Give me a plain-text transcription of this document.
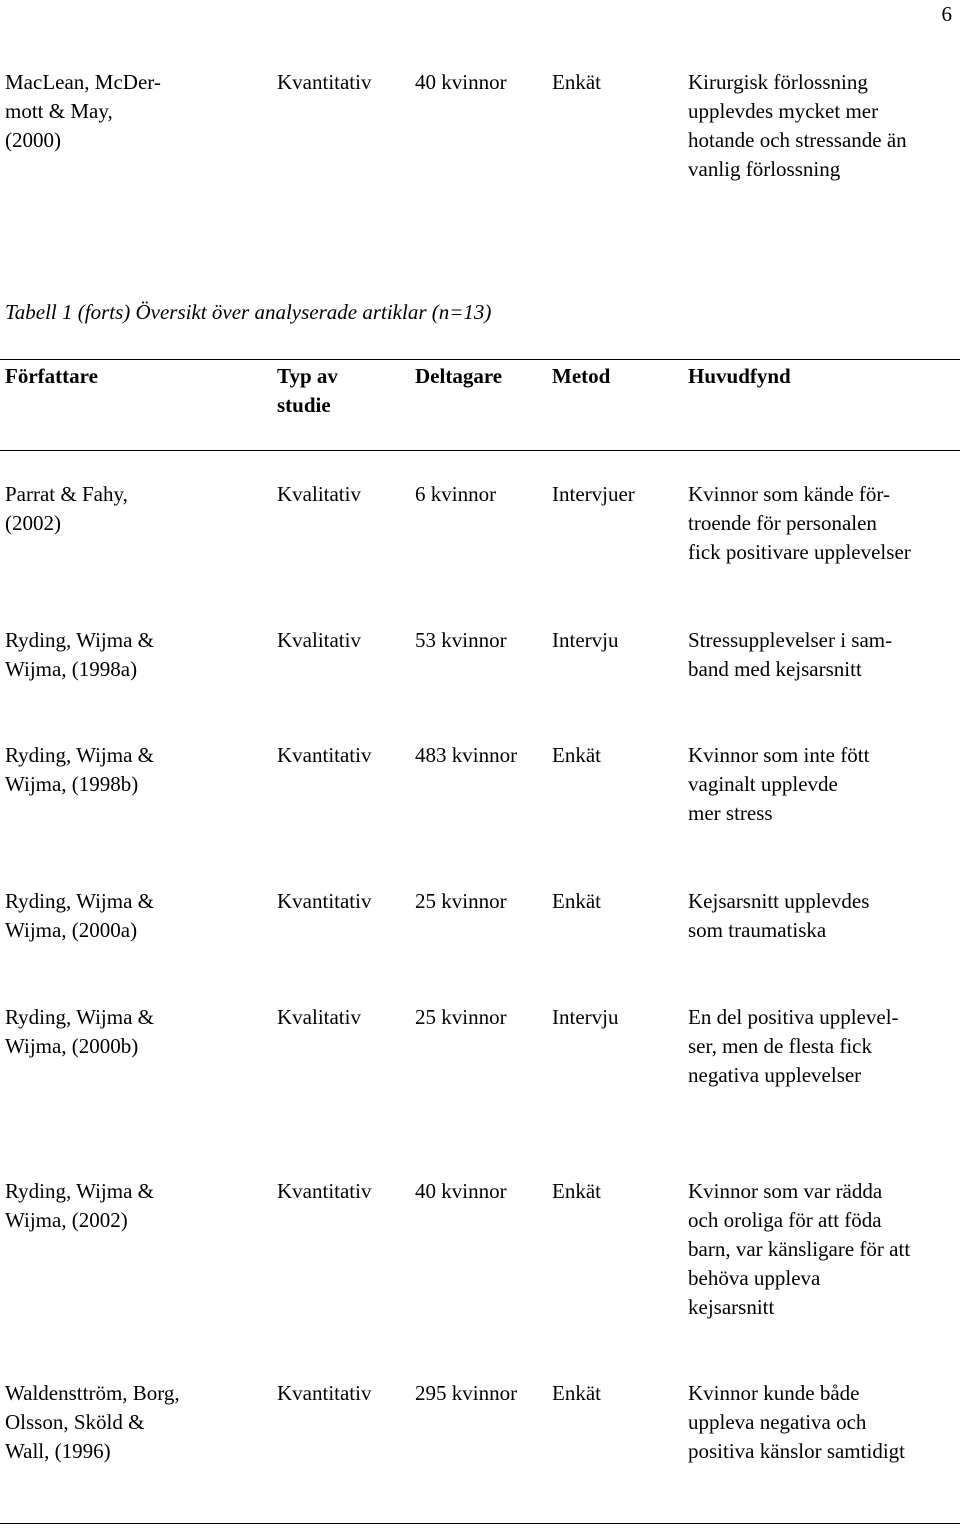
6
MacLean, McDer-
mott & May,
(2000)
Kvantitativ 40 kvinnor Enkät	Kirurgisk förlossning
upplevdes mycket mer
hotande och stressande än
vanlig förlossning
Tabell 1 (forts) Översikt över analyserade artiklar (n=13)
Författare	Typ av
studie
Deltagare Metod	Huvudfynd
Parrat & Fahy,
(2002)
Kvalitativ	6 kvinnor	Intervjuer	Kvinnor som kände för-
troende för personalen
fick positivare upplevelser
Ryding, Wijma &
Wijma, (1998a)
Kvalitativ	53 kvinnor Intervju	Stressupplevelser i sam-
band med kejsarsnitt
Ryding, Wijma &
Wijma, (1998b)
Kvantitativ 483 kvinnor Enkät	Kvinnor som inte fött
vaginalt upplevde
mer stress
Ryding, Wijma &
Wijma, (2000a)
Kvantitativ 25 kvinnor Enkät	Kejsarsnitt upplevdes
som traumatiska
Ryding, Wijma &
Wijma, (2000b)
Kvalitativ	25 kvinnor Intervju	En del positiva upplevel-
ser, men de flesta fick
negativa upplevelser
Ryding, Wijma &
Wijma, (2002)
Kvantitativ 40 kvinnor Enkät	Kvinnor som var rädda
och oroliga för att föda
barn, var känsligare för att
behöva uppleva
kejsarsnitt
Waldensttröm, Borg,
Olsson, Sköld &
Wall, (1996)
Kvantitativ 295 kvinnor Enkät	Kvinnor kunde både
uppleva negativa och
positiva känslor samtidigt
